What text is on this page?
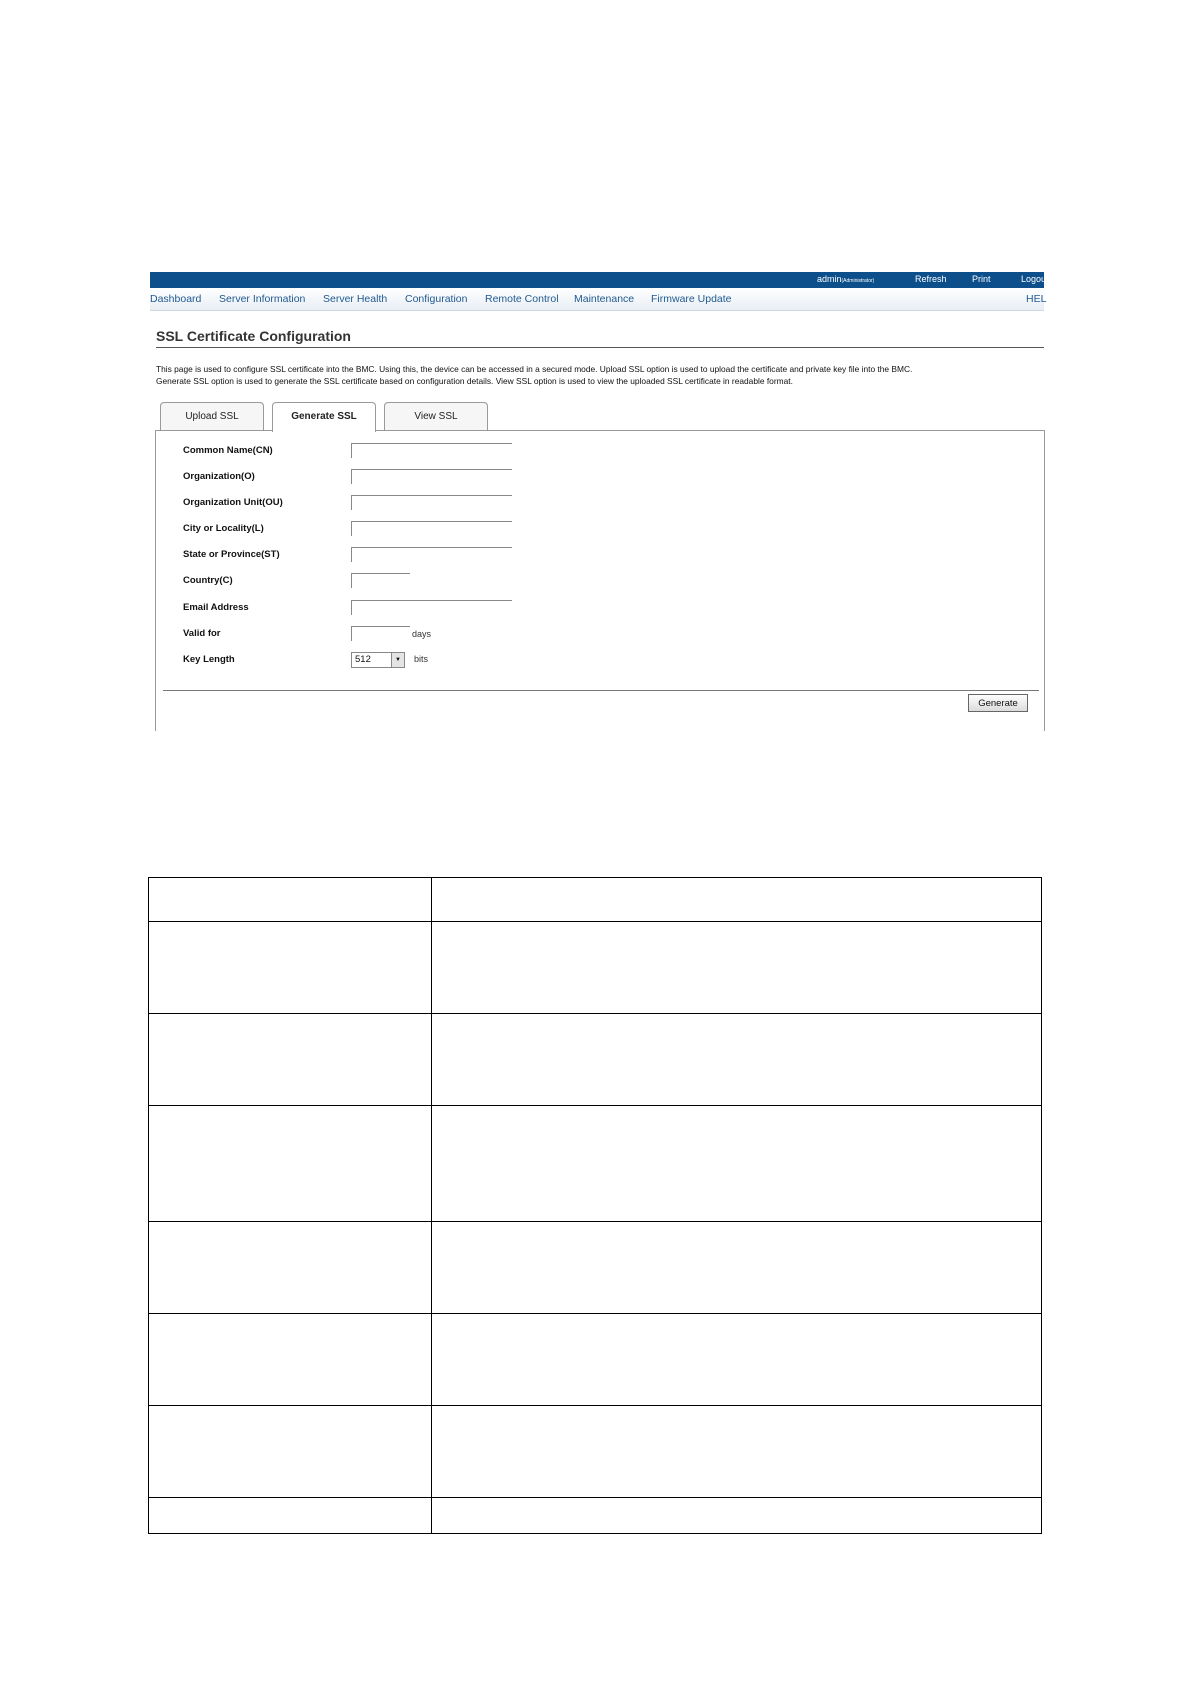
admin(Administrator)	Refresh	Print	Logou
Dashboard Server Information Server Health Configuration Remote Control Maintenance Firmware Update	HEL
SSL Certificate Configuration
This page is used to configure SSL certificate into the BMC. Using this, the device can be accessed in a secured mode. Upload SSL option is used to upload the certificate and private key file into the BMC.
Generate SSL option is used to generate the SSL certificate based on configuration details. View SSL option is used to view the uploaded SSL certificate in readable format.
Upload SSL	Generate SSL	View SSL
Common Name(CN)
Organization(O)
Organization Unit(OU)
City or Locality(L)
State or Province(ST)
Country(C)
Email Address
Valid for	days
Key Length	512	▼	bits
Generate
